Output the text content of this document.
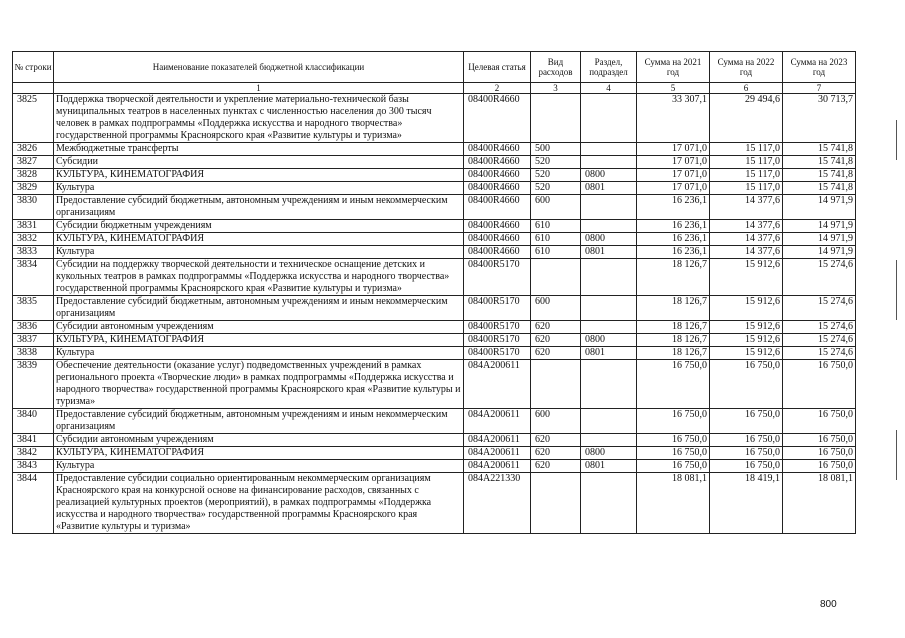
№ строки	Наименование показателей бюджетной классификации	Целевая статья	Вид расходов	Раздел, подраздел	Сумма на 2021 год	Сумма на 2022 год	Сумма на 2023 год
	1	2	3	4	5	6	7
3825	Поддержка творческой деятельности и укрепление материально-технической базы муниципальных театров в населенных пунктах с численностью населения до 300 тысяч человек в рамках подпрограммы «Поддержка искусства и народного творчества» государственной программы Красноярского края «Развитие культуры и туризма»	08400R4660			33 307,1	29 494,6	30 713,7
3826	Межбюджетные трансферты	08400R4660	500		17 071,0	15 117,0	15 741,8
3827	Субсидии	08400R4660	520		17 071,0	15 117,0	15 741,8
3828	КУЛЬТУРА, КИНЕМАТОГРАФИЯ	08400R4660	520	0800	17 071,0	15 117,0	15 741,8
3829	Культура	08400R4660	520	0801	17 071,0	15 117,0	15 741,8
3830	Предоставление субсидий бюджетным, автономным учреждениям и иным некоммерческим организациям	08400R4660	600		16 236,1	14 377,6	14 971,9
3831	Субсидии бюджетным учреждениям	08400R4660	610		16 236,1	14 377,6	14 971,9
3832	КУЛЬТУРА, КИНЕМАТОГРАФИЯ	08400R4660	610	0800	16 236,1	14 377,6	14 971,9
3833	Культура	08400R4660	610	0801	16 236,1	14 377,6	14 971,9
3834	Субсидии на поддержку творческой деятельности и техническое оснащение детских и кукольных театров в рамках подпрограммы «Поддержка искусства и народного творчества» государственной программы Красноярского края «Развитие культуры и туризма»	08400R5170			18 126,7	15 912,6	15 274,6
3835	Предоставление субсидий бюджетным, автономным учреждениям и иным некоммерческим организациям	08400R5170	600		18 126,7	15 912,6	15 274,6
3836	Субсидии автономным учреждениям	08400R5170	620		18 126,7	15 912,6	15 274,6
3837	КУЛЬТУРА, КИНЕМАТОГРАФИЯ	08400R5170	620	0800	18 126,7	15 912,6	15 274,6
3838	Культура	08400R5170	620	0801	18 126,7	15 912,6	15 274,6
3839	Обеспечение деятельности (оказание услуг) подведомственных учреждений в рамках регионального проекта «Творческие люди» в рамках подпрограммы «Поддержка искусства и народного творчества» государственной программы Красноярского края «Развитие культуры и туризма»	084A200611			16 750,0	16 750,0	16 750,0
3840	Предоставление субсидий бюджетным, автономным учреждениям и иным некоммерческим организациям	084A200611	600		16 750,0	16 750,0	16 750,0
3841	Субсидии автономным учреждениям	084A200611	620		16 750,0	16 750,0	16 750,0
3842	КУЛЬТУРА, КИНЕМАТОГРАФИЯ	084A200611	620	0800	16 750,0	16 750,0	16 750,0
3843	Культура	084A200611	620	0801	16 750,0	16 750,0	16 750,0
3844	Предоставление субсидии социально ориентированным некоммерческим организациям Красноярского края на конкурсной основе на финансирование расходов, связанных с реализацией культурных проектов (мероприятий), в рамках подпрограммы «Поддержка искусства и народного творчества» государственной программы Красноярского края «Развитие культуры и туризма»	084A221330			18 081,1	18 419,1	18 081,1
800
